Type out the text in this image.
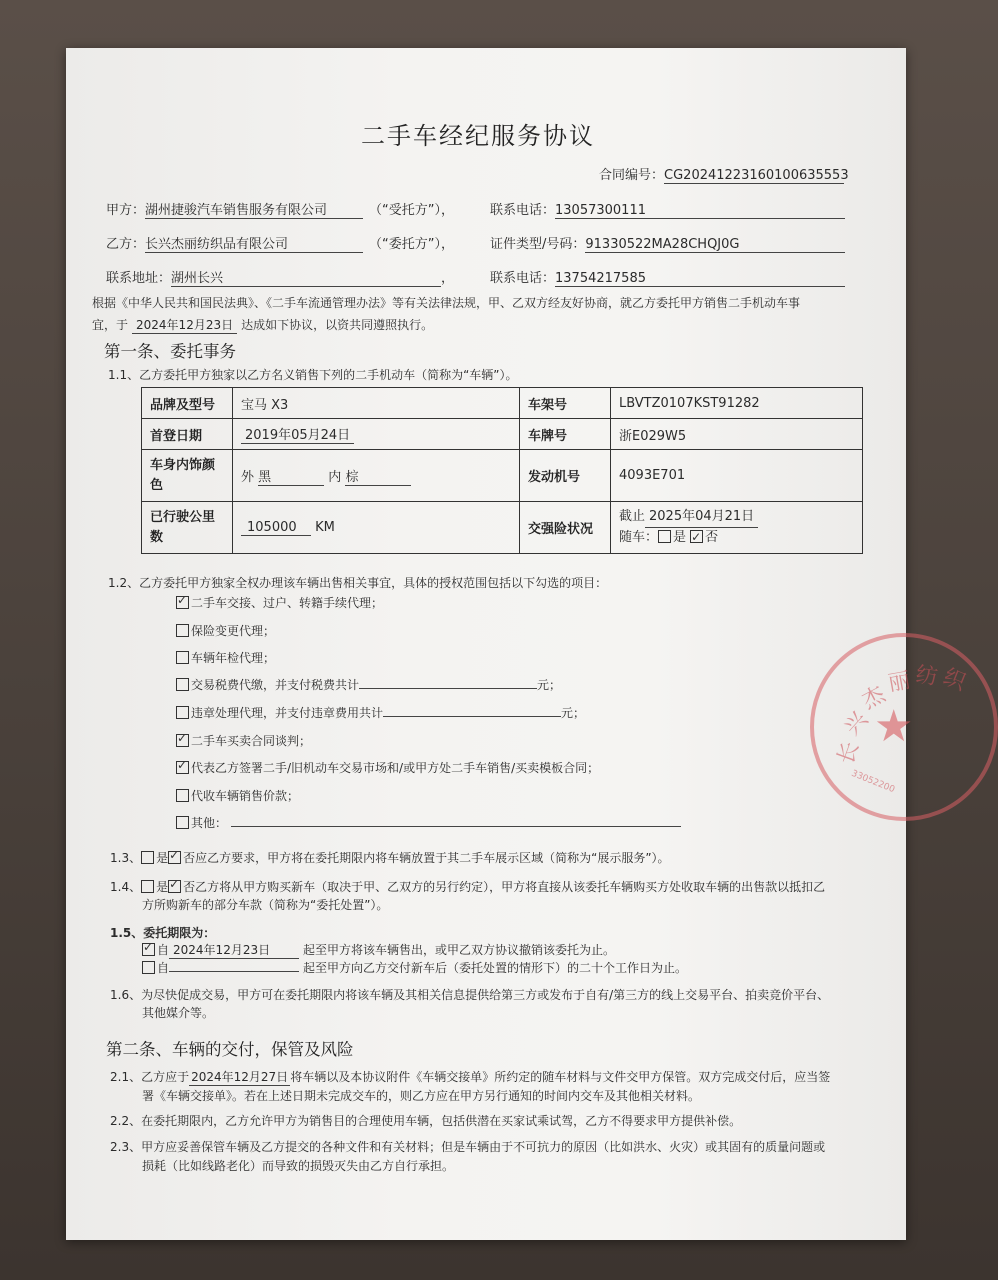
二手车经纪服务协议
合同编号：CG20241223160100635553
甲方：湖州捷骏汽车销售服务有限公司	（“受托方”），	联系电话：13057300111
乙方：长兴杰丽纺织品有限公司	（“委托方”），	证件类型/号码：91330522MA28CHQJ0G
联系地址：湖州长兴	，	联系电话：13754217585
根据《中华人民共和国民法典》、《二手车流通管理办法》等有关法律法规，甲、乙双方经友好协商，就乙方委托甲方销售二手机动车事
宜，于 2024年12月23日 达成如下协议，以资共同遵照执行。
第一条、委托事务
1.1、乙方委托甲方独家以乙方名义销售下列的二手机动车（简称为“车辆”）。
品牌及型号	宝马 X3	车架号	LBVTZ0107KST91282
首登日期	2019年05月24日	车牌号	浙E029W5
车身内饰颜色	外 黑 内 棕	发动机号	4093E701
已行驶公里数	105000 KM	交强险状况	截止 2025年04月21日
随车： 是 ✓ 否
1.2、乙方委托甲方独家全权办理该车辆出售相关事宜，具体的授权范围包括以下勾选的项目：
✓二手车交接、过户、转籍手续代理；
保险变更代理；
车辆年检代理；
交易税费代缴，并支付税费共计	元；
违章处理代理，并支付违章费用共计	元；
✓二手车买卖合同谈判；
✓代表乙方签署二手/旧机动车交易市场和/或甲方处二手车销售/买卖模板合同；
代收车辆销售价款；
其他：
1.3、 是 ✓ 否应乙方要求，甲方将在委托期限内将车辆放置于其二手车展示区域（简称为“展示服务”）。
1.4、 是 ✓ 否乙方将从甲方购买新车（取决于甲、乙双方的另行约定），甲方将直接从该委托车辆购买方处收取车辆的出售款以抵扣乙
方所购新车的部分车款（简称为“委托处置”）。
1.5、委托期限为：
✓自 2024年12月23日	起至甲方将该车辆售出，或甲乙双方协议撤销该委托为止。
自	起至甲方向乙方交付新车后（委托处置的情形下）的二十个工作日为止。
1.6、为尽快促成交易，甲方可在委托期限内将该车辆及其相关信息提供给第三方或发布于自有/第三方的线上交易平台、拍卖竞价平台、
其他媒介等。
第二条、车辆的交付，保管及风险
2.1、乙方应于 2024年12月27日 将车辆以及本协议附件《车辆交接单》所约定的随车材料与文件交甲方保管。双方完成交付后，应当签
署《车辆交接单》。若在上述日期未完成交车的，则乙方应在甲方另行通知的时间内交车及其他相关材料。
2.2、在委托期限内，乙方允许甲方为销售目的合理使用车辆，包括供潜在买家试乘试驾，乙方不得要求甲方提供补偿。
2.3、甲方应妥善保管车辆及乙方提交的各种文件和有关材料；但是车辆由于不可抗力的原因（比如洪水、火灾）或其固有的质量问题或
损耗（比如线路老化）而导致的损毁灭失由乙方自行承担。
长
兴
杰
丽 纺 织
★
33052200
